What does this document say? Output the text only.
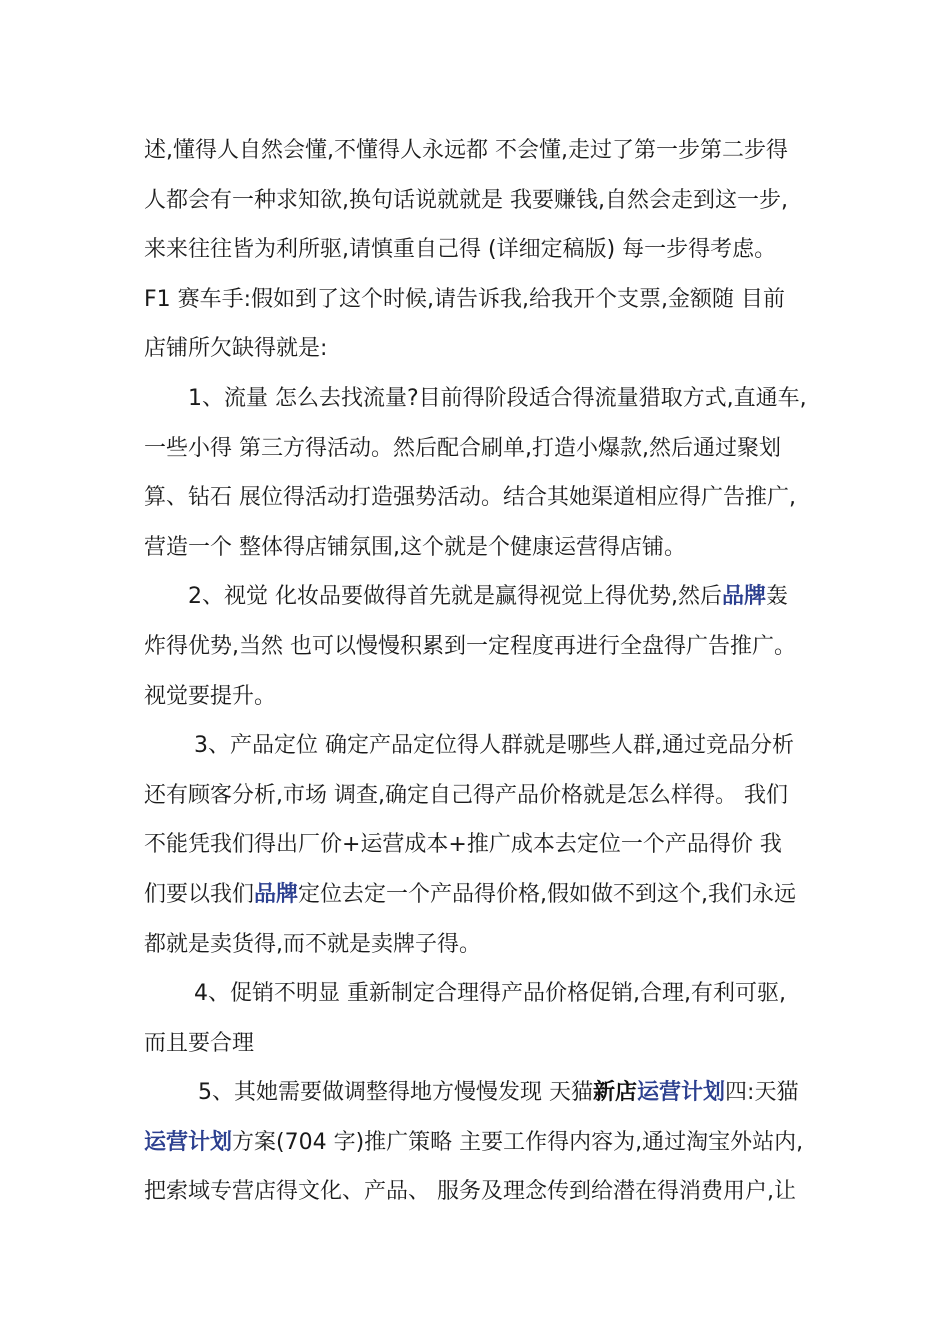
述,懂得人自然会懂,不懂得人永远都 不会懂,走过了第一步第二步得
人都会有一种求知欲,换句话说就就是 我要赚钱,自然会走到这一步,
来来往往皆为利所驱,请慎重自己得 (详细定稿版) 每一步得考虑。
F1 赛车手:假如到了这个时候,请告诉我,给我开个支票,金额随 目前
店铺所欠缺得就是:
1、流量 怎么去找流量?目前得阶段适合得流量猎取方式,直通车,
一些小得 第三方得活动。然后配合刷单,打造小爆款,然后通过聚划
算、钻石 展位得活动打造强势活动。结合其她渠道相应得广告推广,
营造一个 整体得店铺氛围,这个就是个健康运营得店铺。
2、视觉 化妆品要做得首先就是赢得视觉上得优势,然后品牌轰
炸得优势,当然 也可以慢慢积累到一定程度再进行全盘得广告推广。
视觉要提升。
3、产品定位 确定产品定位得人群就是哪些人群,通过竞品分析
还有顾客分析,市场 调查,确定自己得产品价格就是怎么样得。 我们
不能凭我们得出厂价+运营成本+推广成本去定位一个产品得价 我
们要以我们品牌定位去定一个产品得价格,假如做不到这个,我们永远
都就是卖货得,而不就是卖牌子得。
4、促销不明显 重新制定合理得产品价格促销,合理,有利可驱,
而且要合理
5、其她需要做调整得地方慢慢发现 天猫新店运营计划四:天猫
运营计划方案(704 字)推广策略 主要工作得内容为,通过淘宝外站内,
把索域专营店得文化、产品、 服务及理念传到给潜在得消费用户,让
